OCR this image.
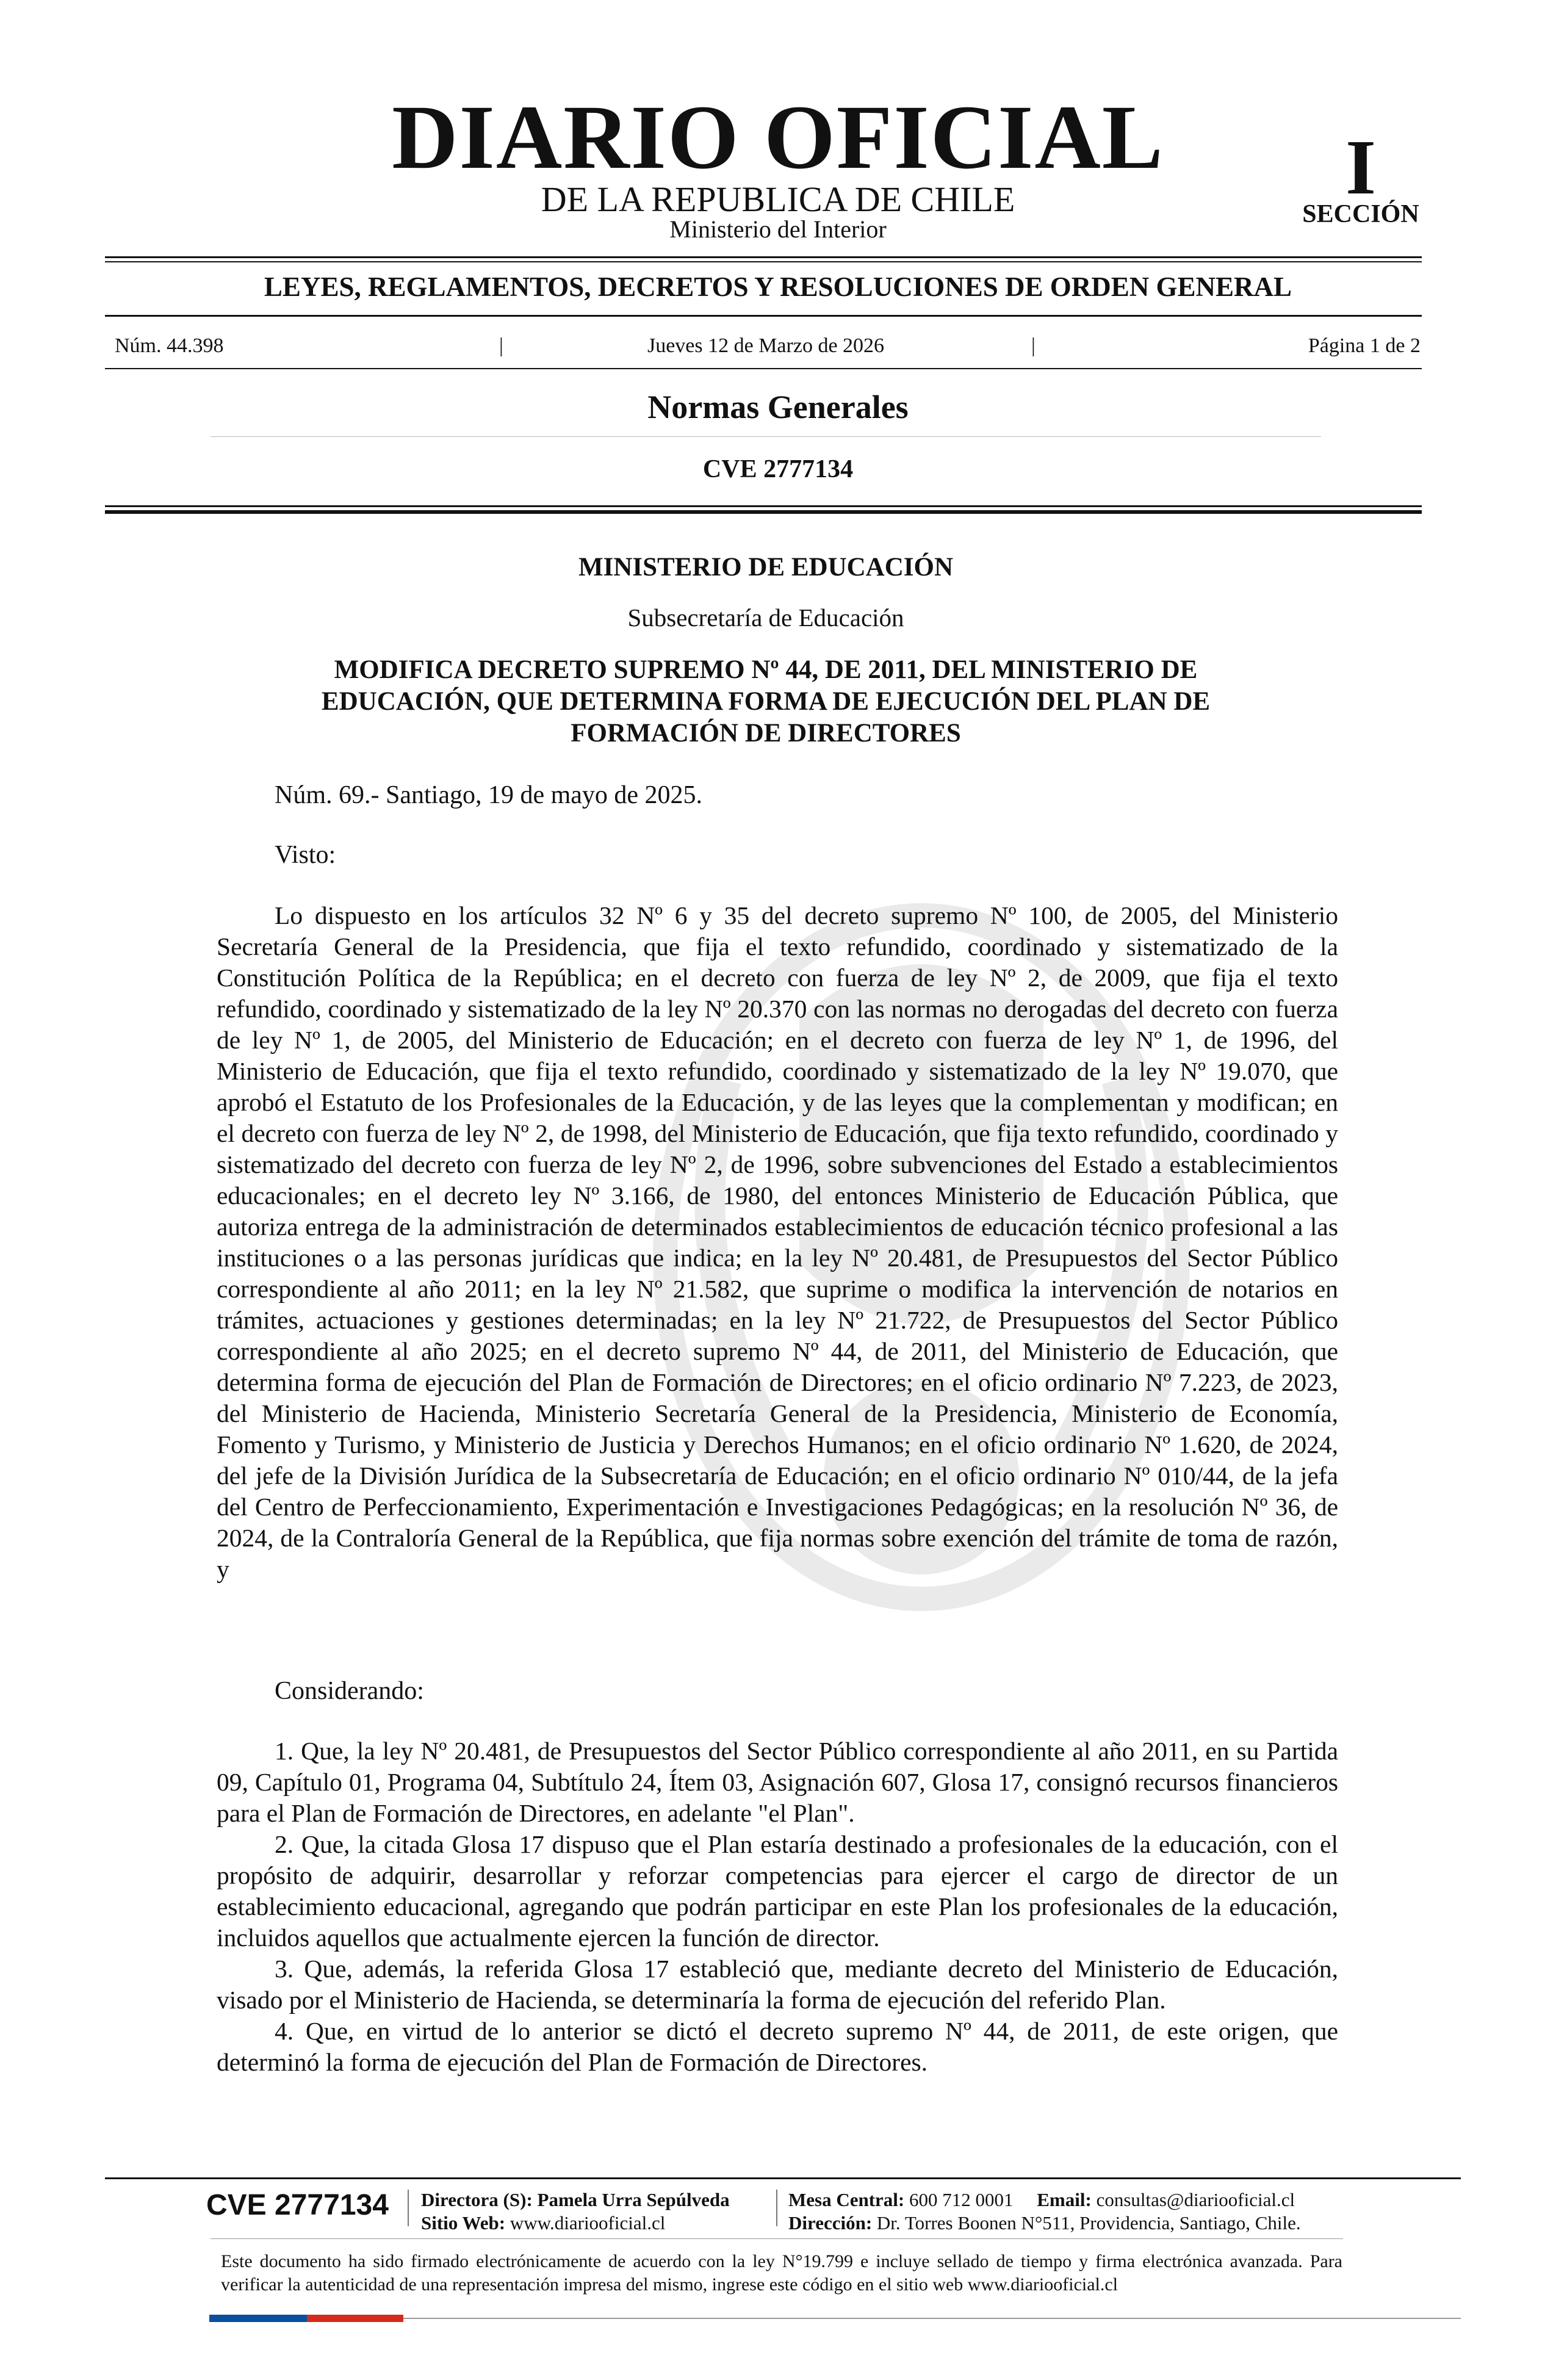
DIARIO OFICIAL
DE LA REPUBLICA DE CHILE
Ministerio del Interior
I
SECCIÓN
LEYES, REGLAMENTOS, DECRETOS Y RESOLUCIONES DE ORDEN GENERAL
Núm. 44.398	|	Jueves 12 de Marzo de 2026	|	Página 1 de 2
Normas Generales
CVE 2777134
MINISTERIO DE EDUCACIÓN
Subsecretaría de Educación
MODIFICA DECRETO SUPREMO Nº 44, DE 2011, DEL MINISTERIO DE EDUCACIÓN, QUE DETERMINA FORMA DE EJECUCIÓN DEL PLAN DE FORMACIÓN DE DIRECTORES
Núm. 69.- Santiago, 19 de mayo de 2025.
Visto:

Lo dispuesto en los artículos 32 Nº 6 y 35 del decreto supremo Nº 100, de 2005, del Ministerio Secretaría General de la Presidencia, que fija el texto refundido, coordinado y sistematizado de la Constitución Política de la República; en el decreto con fuerza de ley Nº 2, de 2009, que fija el texto refundido, coordinado y sistematizado de la ley Nº 20.370 con las normas no derogadas del decreto con fuerza de ley Nº 1, de 2005, del Ministerio de Educación; en el decreto con fuerza de ley Nº 1, de 1996, del Ministerio de Educación, que fija el texto refundido, coordinado y sistematizado de la ley Nº 19.070, que aprobó el Estatuto de los Profesionales de la Educación, y de las leyes que la complementan y modifican; en el decreto con fuerza de ley Nº 2, de 1998, del Ministerio de Educación, que fija texto refundido, coordinado y sistematizado del decreto con fuerza de ley Nº 2, de 1996, sobre subvenciones del Estado a establecimientos educacionales; en el decreto ley Nº 3.166, de 1980, del entonces Ministerio de Educación Pública, que autoriza entrega de la administración de determinados establecimientos de educación técnico profesional a las instituciones o a las personas jurídicas que indica; en la ley Nº 20.481, de Presupuestos del Sector Público correspondiente al año 2011; en la ley Nº 21.582, que suprime o modifica la intervención de notarios en trámites, actuaciones y gestiones determinadas; en la ley Nº 21.722, de Presupuestos del Sector Público correspondiente al año 2025; en el decreto supremo Nº 44, de 2011, del Ministerio de Educación, que determina forma de ejecución del Plan de Formación de Directores; en el oficio ordinario Nº 7.223, de 2023, del Ministerio de Hacienda, Ministerio Secretaría General de la Presidencia, Ministerio de Economía, Fomento y Turismo, y Ministerio de Justicia y Derechos Humanos; en el oficio ordinario Nº 1.620, de 2024, del jefe de la División Jurídica de la Subsecretaría de Educación; en el oficio ordinario Nº 010/44, de la jefa del Centro de Perfeccionamiento, Experimentación e Investigaciones Pedagógicas; en la resolución Nº 36, de 2024, de la Contraloría General de la República, que fija normas sobre exención del trámite de toma de razón, y

Considerando:

1. Que, la ley Nº 20.481, de Presupuestos del Sector Público correspondiente al año 2011, en su Partida 09, Capítulo 01, Programa 04, Subtítulo 24, Ítem 03, Asignación 607, Glosa 17, consignó recursos financieros para el Plan de Formación de Directores, en adelante "el Plan".

2. Que, la citada Glosa 17 dispuso que el Plan estaría destinado a profesionales de la educación, con el propósito de adquirir, desarrollar y reforzar competencias para ejercer el cargo de director de un establecimiento educacional, agregando que podrán participar en este Plan los profesionales de la educación, incluidos aquellos que actualmente ejercen la función de director.

3. Que, además, la referida Glosa 17 estableció que, mediante decreto del Ministerio de Educación, visado por el Ministerio de Hacienda, se determinaría la forma de ejecución del referido Plan.

4. Que, en virtud de lo anterior se dictó el decreto supremo Nº 44, de 2011, de este origen, que determinó la forma de ejecución del Plan de Formación de Directores.

CVE 2777134 Directora (S): Pamela Urra Sepúlveda
Sitio Web: www.diariooficial.cl
Mesa Central: 600 712 0001 Email: consultas@diariooficial.cl
Dirección: Dr. Torres Boonen N°511, Providencia, Santiago, Chile.
Este documento ha sido firmado electrónicamente de acuerdo con la ley N°19.799 e incluye sellado de tiempo y firma electrónica avanzada. Para verificar la autenticidad de una representación impresa del mismo, ingrese este código en el sitio web www.diariooficial.cl
